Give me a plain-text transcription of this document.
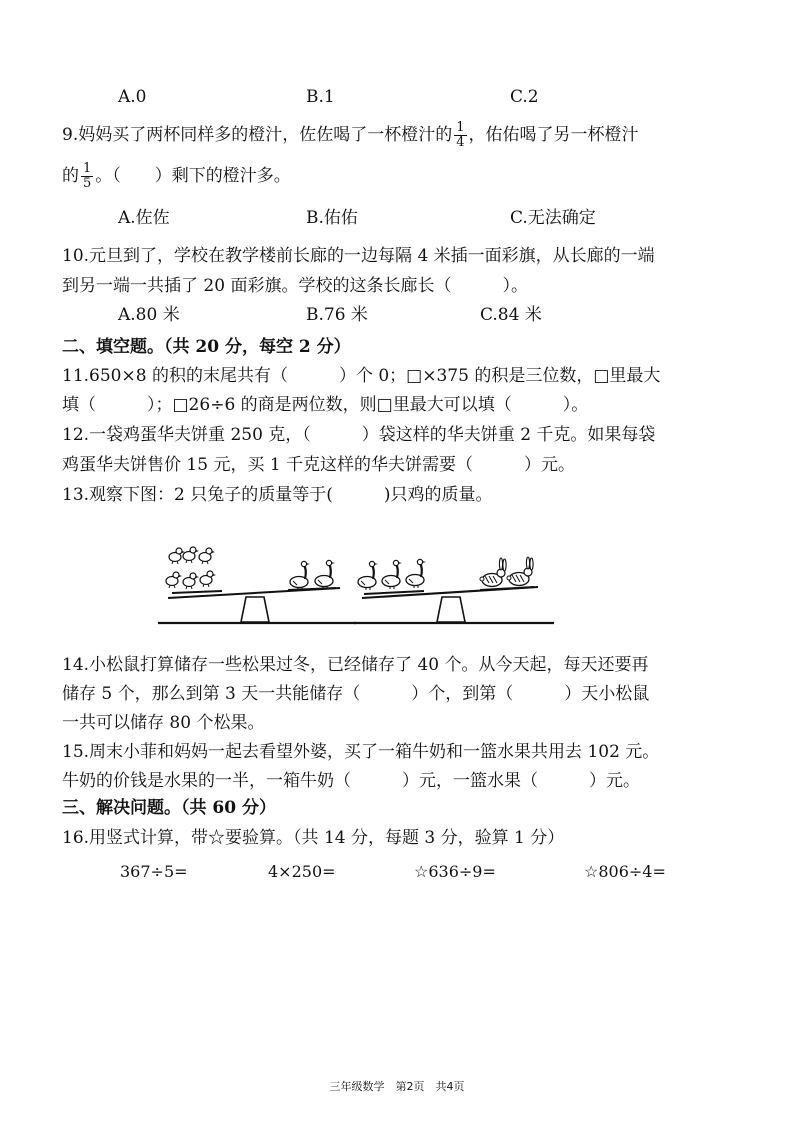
A.0	B.1	C.2
9.妈妈买了两杯同样多的橙汁，佐佐喝了一杯橙汁的 $\frac{1}{4}$ ，佑佑喝了另一杯橙汁
的 $\frac{1}{5}$ 。（　　）剩下的橙汁多。
A.佐佐	B.佑佑	C.无法确定
10.元旦到了，学校在教学楼前长廊的一边每隔 4 米插一面彩旗，从长廊的一端
到另一端一共插了 20 面彩旗。学校的这条长廊长（　　　）。
A.80 米	B.76 米	C.84 米
二、填空题。（共 20 分，每空 2 分）
11.650×8 的积的末尾共有（　　　）个 0；□×375 的积是三位数，□里最大
填（　　　）；□26÷6 的商是两位数，则□里最大可以填（　　　）。
12.一袋鸡蛋华夫饼重 250 克，（　　　）袋这样的华夫饼重 2 千克。如果每袋
鸡蛋华夫饼售价 15 元，买 1 千克这样的华夫饼需要（　　　）元。
13.观察下图：2 只兔子的质量等于(　　　)只鸡的质量。
14.小松鼠打算储存一些松果过冬，已经储存了 40 个。从今天起，每天还要再
储存 5 个，那么到第 3 天一共能储存（　　　）个，到第（　　　）天小松鼠
一共可以储存 80 个松果。
15.周末小菲和妈妈一起去看望外婆，买了一箱牛奶和一篮水果共用去 102 元。
牛奶的价钱是水果的一半，一箱牛奶（　　　）元，一篮水果（　　　）元。
三、解决问题。（共 60 分）
16.用竖式计算，带☆要验算。（共 14 分，每题 3 分，验算 1 分）
367÷5=	4×250=	☆636÷9=	☆806÷4=
三年级数学　第2页　共4页
